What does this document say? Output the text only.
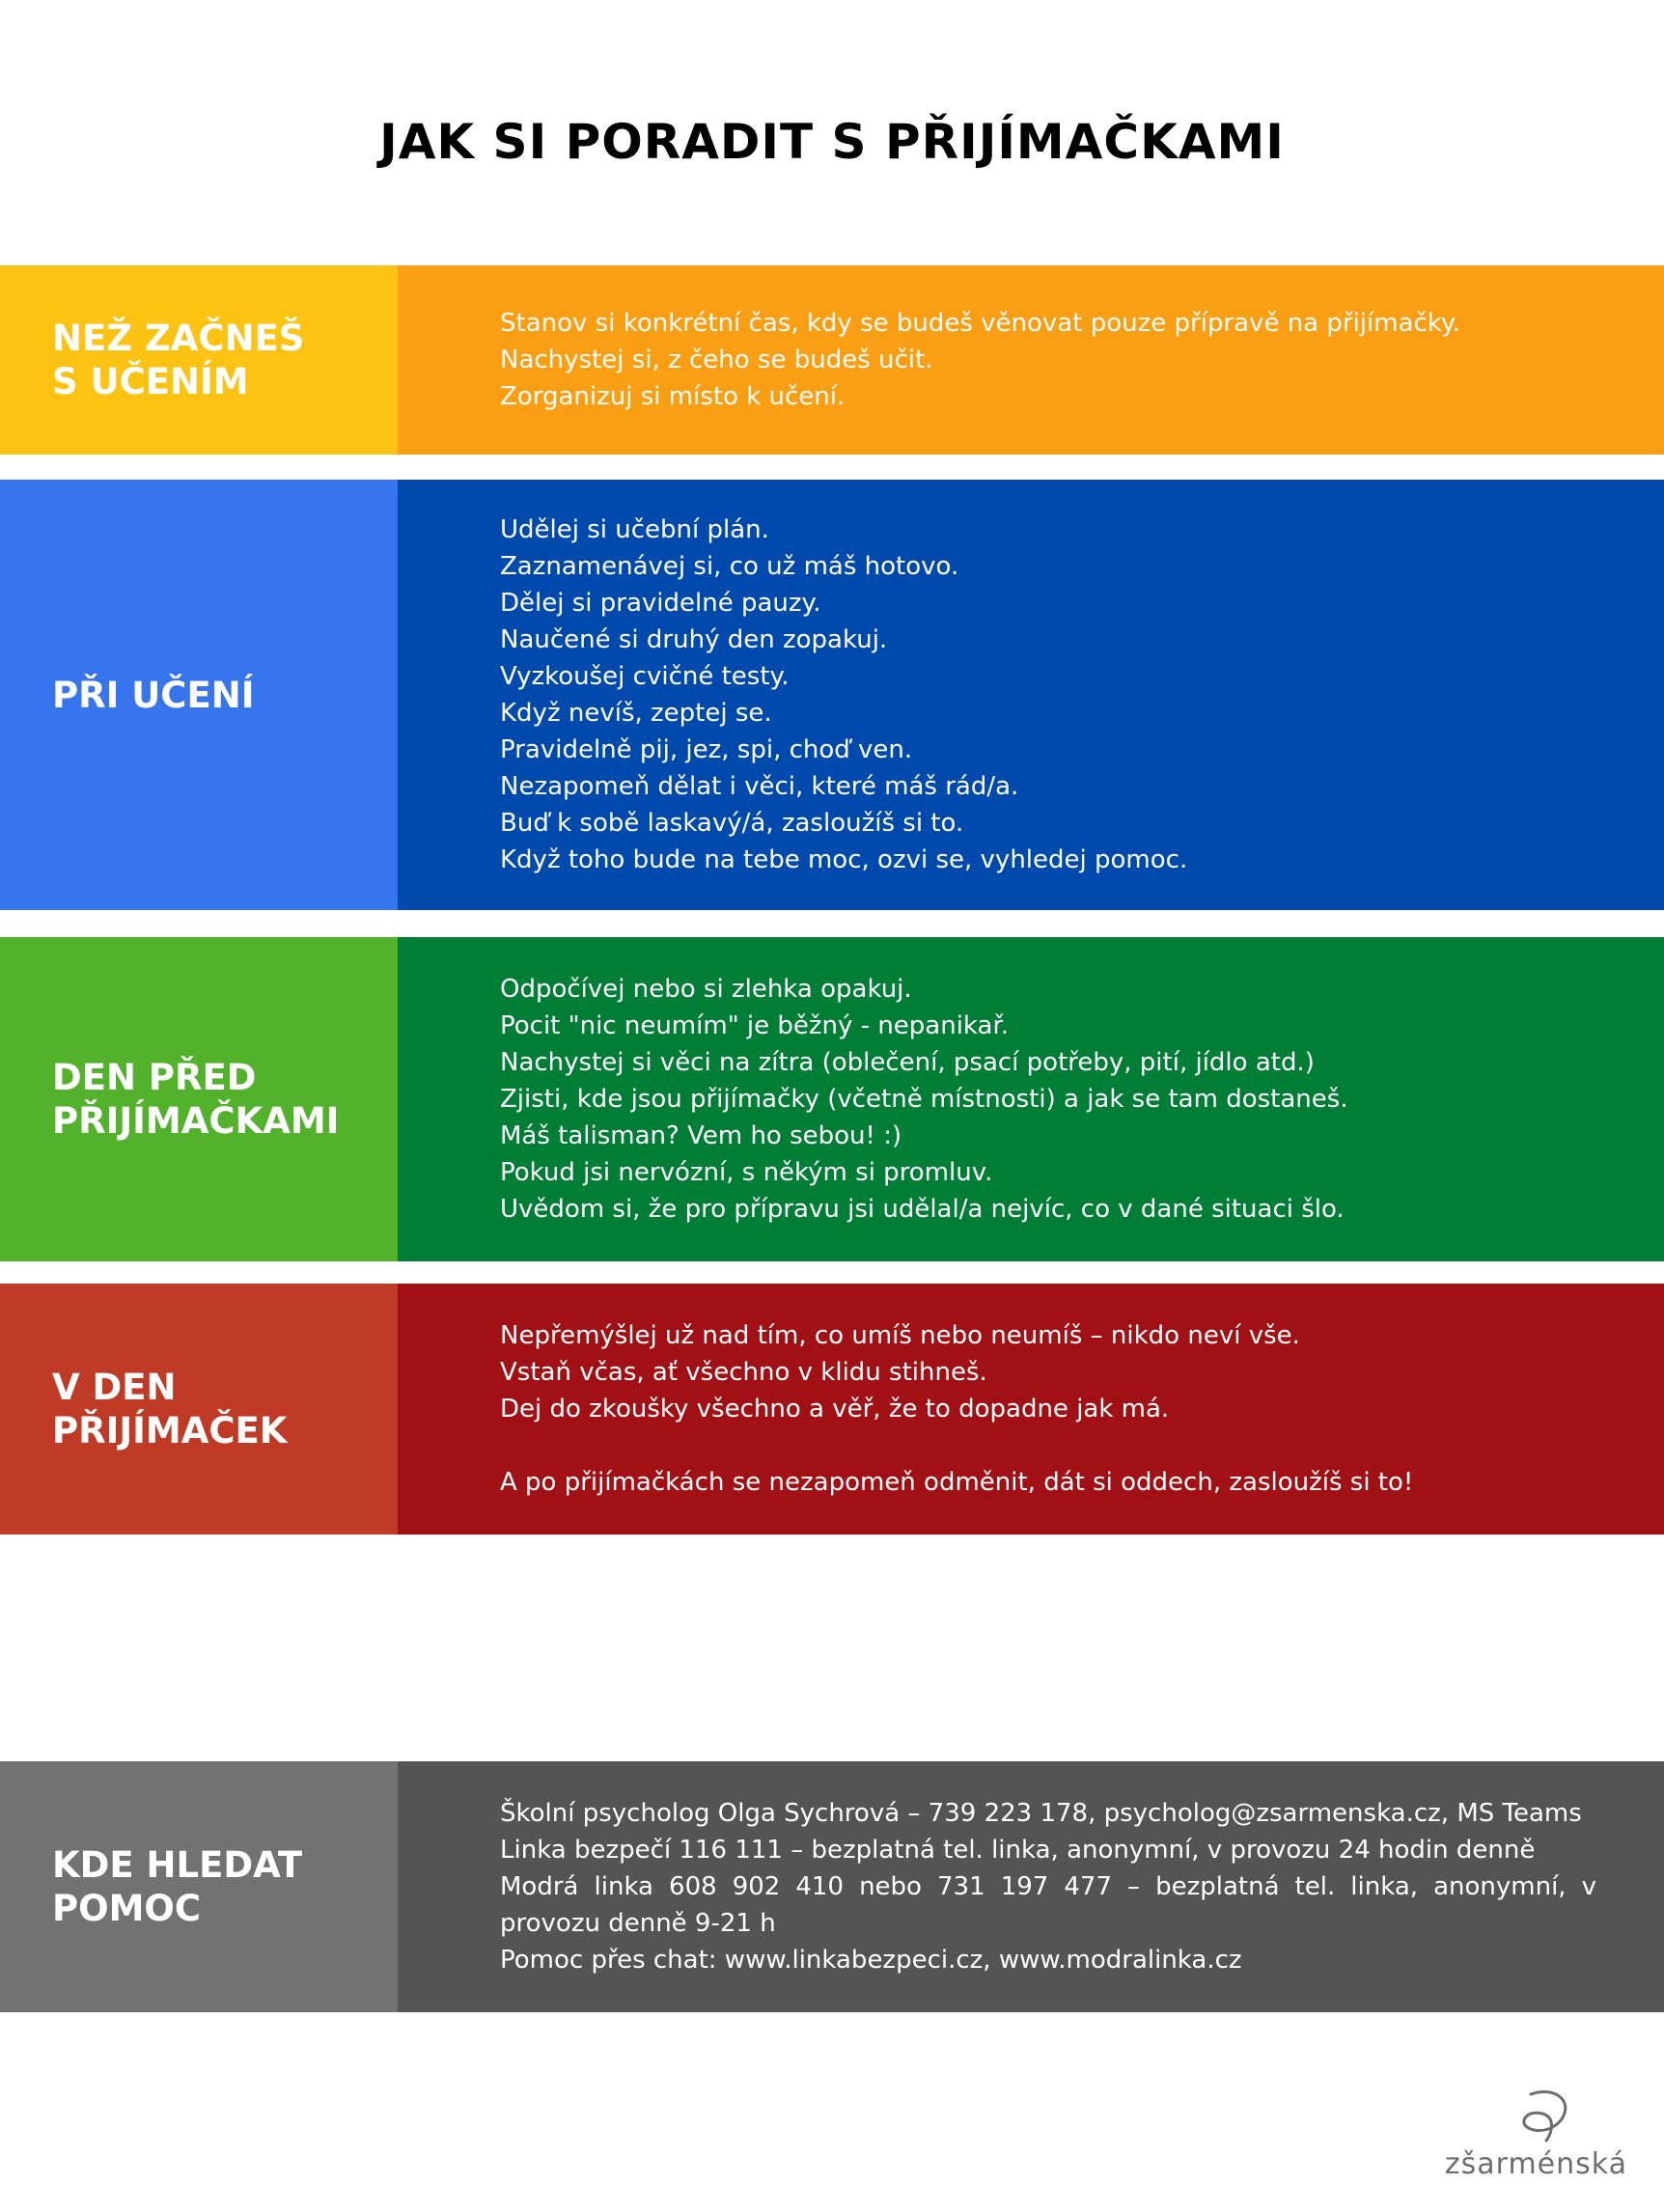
JAK SI PORADIT S PŘIJÍMAČKAMI
NEŽ ZAČNEŠ
S UČENÍM
Stanov si konkrétní čas, kdy se budeš věnovat pouze přípravě na přijímačky.
Nachystej si, z čeho se budeš učit.
Zorganizuj si místo k učení.
PŘI UČENÍ
Udělej si učební plán.
Zaznamenávej si, co už máš hotovo.
Dělej si pravidelné pauzy.
Naučené si druhý den zopakuj.
Vyzkoušej cvičné testy.
Když nevíš, zeptej se.
Pravidelně pij, jez, spi, choď ven.
Nezapomeň dělat i věci, které máš rád/a.
Buď k sobě laskavý/á, zasloužíš si to.
Když toho bude na tebe moc, ozvi se, vyhledej pomoc.
DEN PŘED
PŘIJÍMAČKAMI
Odpočívej nebo si zlehka opakuj.
Pocit "nic neumím" je běžný - nepanikař.
Nachystej si věci na zítra (oblečení, psací potřeby, pití, jídlo atd.)
Zjisti, kde jsou přijímačky (včetně místnosti) a jak se tam dostaneš.
Máš talisman? Vem ho sebou! :)
Pokud jsi nervózní, s někým si promluv.
Uvědom si, že pro přípravu jsi udělal/a nejvíc, co v dané situaci šlo.
V DEN
PŘIJÍMAČEK
Nepřemýšlej už nad tím, co umíš nebo neumíš – nikdo neví vše.
Vstaň včas, ať všechno v klidu stihneš.
Dej do zkoušky všechno a věř, že to dopadne jak má.
A po přijímačkách se nezapomeň odměnit, dát si oddech, zasloužíš si to!
KDE HLEDAT
POMOC
Školní psycholog Olga Sychrová – 739 223 178, psycholog@zsarmenska.cz, MS Teams
Linka bezpečí 116 111 – bezplatná tel. linka, anonymní, v provozu 24 hodin denně
Modrá linka 608 902 410 nebo 731 197 477 – bezplatná tel. linka, anonymní, v provozu denně 9-21 h
Pomoc přes chat: www.linkabezpeci.cz, www.modralinka.cz
zšarménská
